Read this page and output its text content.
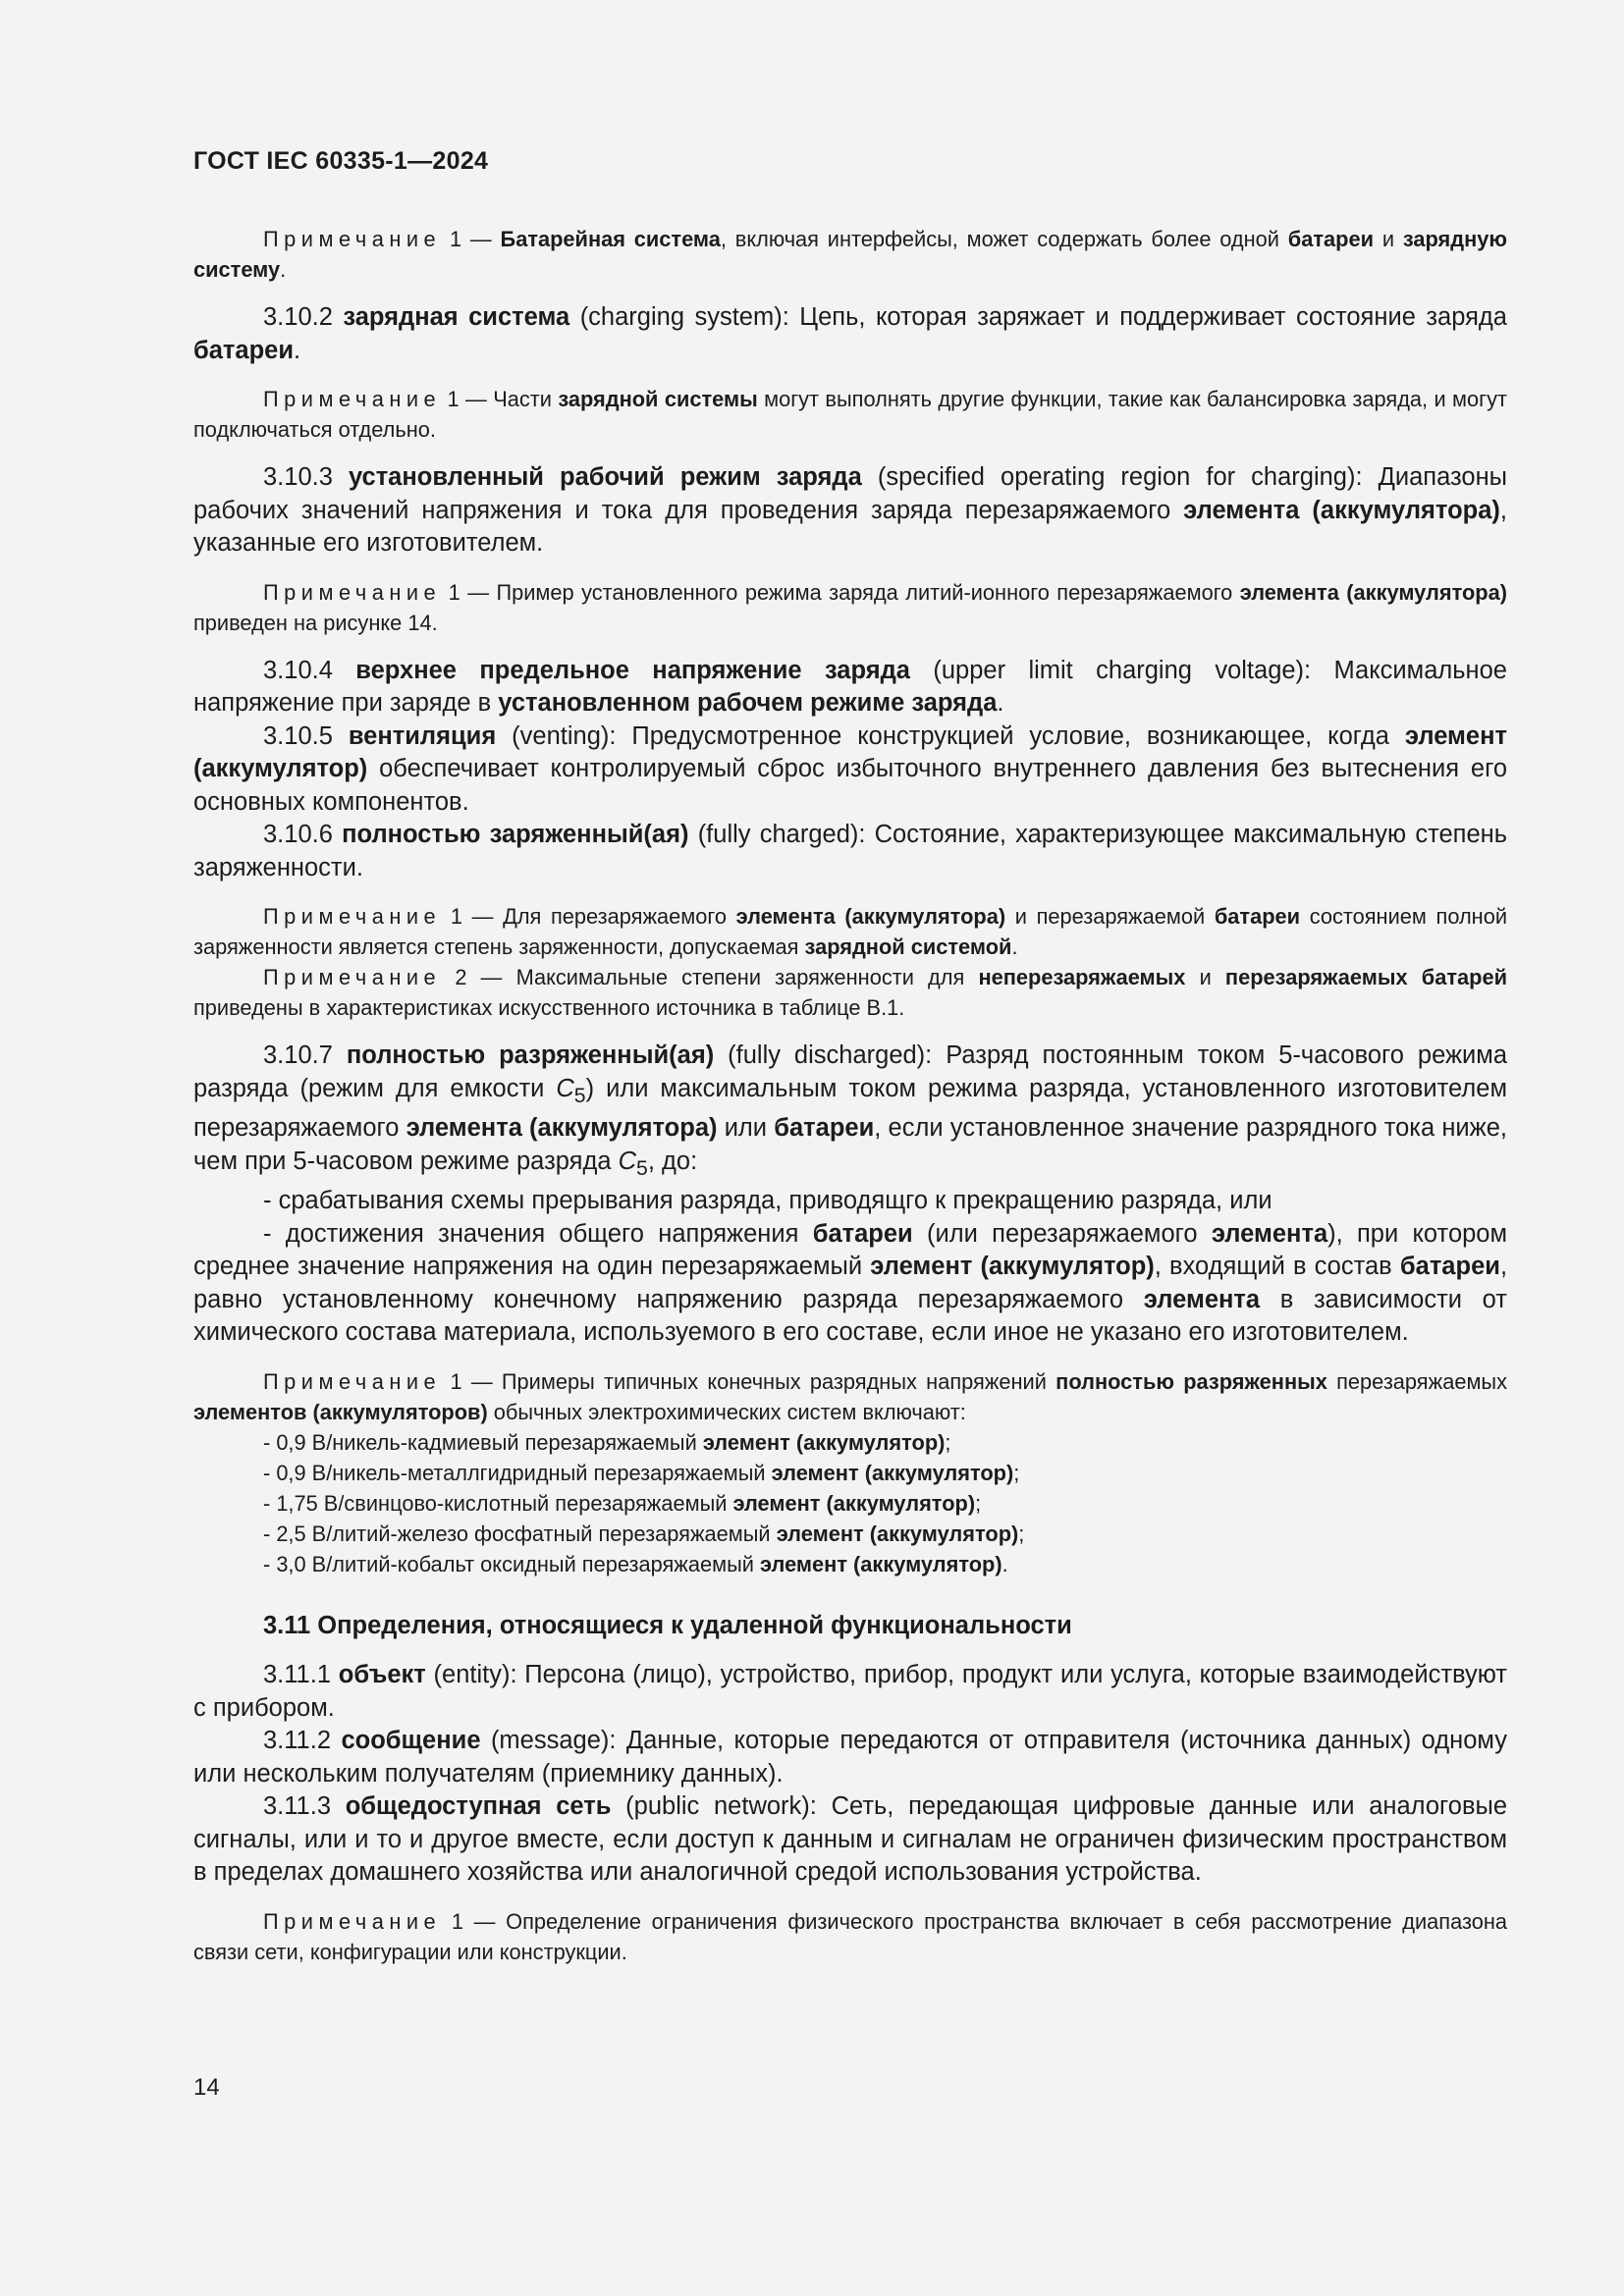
ГОСТ IEC 60335-1—2024

Примечание 1 — Батарейная система, включая интерфейсы, может содержать более одной батареи и зарядную систему.

3.10.2 зарядная система (charging system): Цепь, которая заряжает и поддерживает состояние заряда батареи.

Примечание 1 — Части зарядной системы могут выполнять другие функции, такие как балансировка заряда, и могут подключаться отдельно.

3.10.3 установленный рабочий режим заряда (specified operating region for charging): Диапазоны рабочих значений напряжения и тока для проведения заряда перезаряжаемого элемента (аккумулятора), указанные его изготовителем.

Примечание 1 — Пример установленного режима заряда литий-ионного перезаряжаемого элемента (аккумулятора) приведен на рисунке 14.

3.10.4 верхнее предельное напряжение заряда (upper limit charging voltage): Максимальное напряжение при заряде в установленном рабочем режиме заряда.

3.10.5 вентиляция (venting): Предусмотренное конструкцией условие, возникающее, когда элемент (аккумулятор) обеспечивает контролируемый сброс избыточного внутреннего давления без вытеснения его основных компонентов.

3.10.6 полностью заряженный(ая) (fully charged): Состояние, характеризующее максимальную степень заряженности.

Примечание 1 — Для перезаряжаемого элемента (аккумулятора) и перезаряжаемой батареи состоянием полной заряженности является степень заряженности, допускаемая зарядной системой.

Примечание 2 — Максимальные степени заряженности для неперезаряжаемых и перезаряжаемых батарей приведены в характеристиках искусственного источника в таблице В.1.

3.10.7 полностью разряженный(ая) (fully discharged): Разряд постоянным током 5-часового режима разряда (режим для емкости $C_5$) или максимальным током режима разряда, установленного изготовителем перезаряжаемого элемента (аккумулятора) или батареи, если установленное значение разрядного тока ниже, чем при 5-часовом режиме разряда $C_5$, до:

- срабатывания схемы прерывания разряда, приводящго к прекращению разряда, или

- достижения значения общего напряжения батареи (или перезаряжаемого элемента), при котором среднее значение напряжения на один перезаряжаемый элемент (аккумулятор), входящий в состав батареи, равно установленному конечному напряжению разряда перезаряжаемого элемента в зависимости от химического состава материала, используемого в его составе, если иное не указано его изготовителем.

Примечание 1 — Примеры типичных конечных разрядных напряжений полностью разряженных перезаряжаемых элементов (аккумуляторов) обычных электрохимических систем включают:

- 0,9 В/никель-кадмиевый перезаряжаемый элемент (аккумулятор);

- 0,9 В/никель-металлгидридный перезаряжаемый элемент (аккумулятор);

- 1,75 В/свинцово-кислотный перезаряжаемый элемент (аккумулятор);

- 2,5 В/литий-железо фосфатный перезаряжаемый элемент (аккумулятор);

- 3,0 В/литий-кобальт оксидный перезаряжаемый элемент (аккумулятор).

3.11 Определения, относящиеся к удаленной функциональности

3.11.1 объект (entity): Персона (лицо), устройство, прибор, продукт или услуга, которые взаимодействуют с прибором.

3.11.2 сообщение (message): Данные, которые передаются от отправителя (источника данных) одному или нескольким получателям (приемнику данных).

3.11.3 общедоступная сеть (public network): Сеть, передающая цифровые данные или аналоговые сигналы, или и то и другое вместе, если доступ к данным и сигналам не ограничен физическим пространством в пределах домашнего хозяйства или аналогичной средой использования устройства.

Примечание 1 — Определение ограничения физического пространства включает в себя рассмотрение диапазона связи сети, конфигурации или конструкции.

14
